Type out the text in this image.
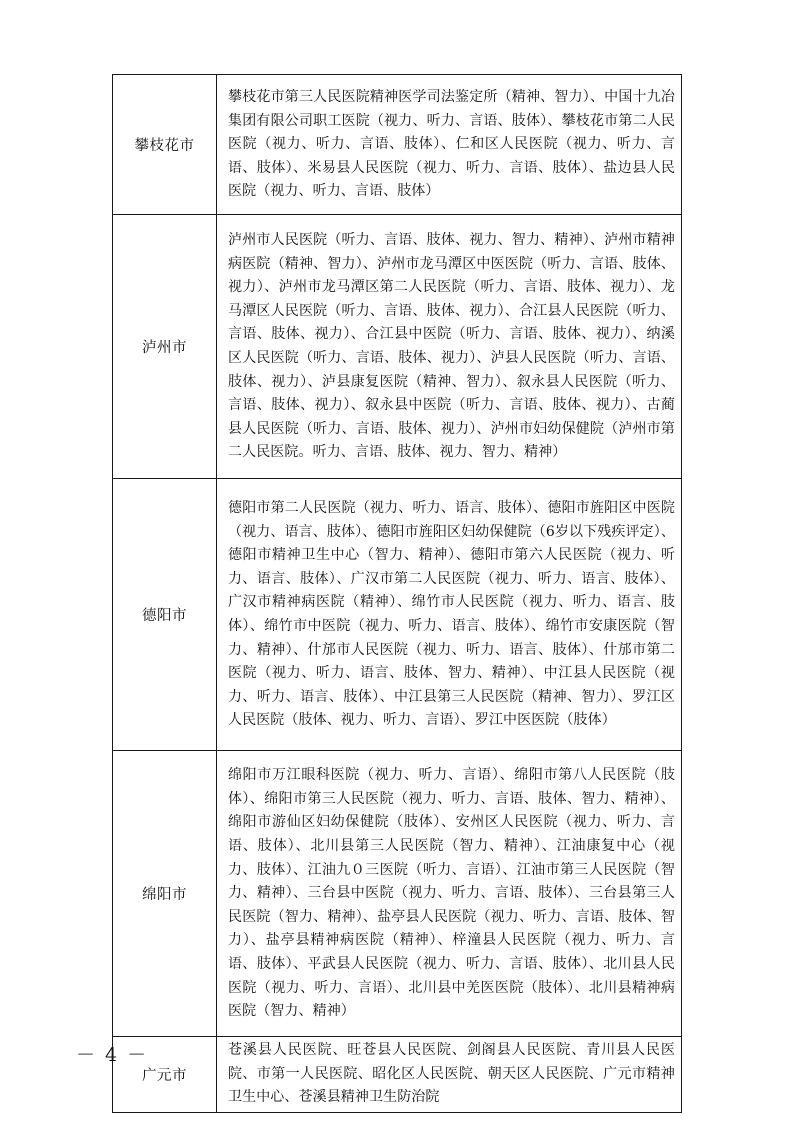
攀枝花市	攀枝花市第三人民医院精神医学司法鉴定所（精神、智力）、中国十九冶集团有限公司职工医院（视力、听力、言语、肢体）、攀枝花市第二人民医院（视力、听力、言语、肢体）、仁和区人民医院（视力、听力、言语、肢体）、米易县人民医院（视力、听力、言语、肢体）、盐边县人民医院（视力、听力、言语、肢体）
泸州市	泸州市人民医院（听力、言语、肢体、视力、智力、精神）、泸州市精神病医院（精神、智力）、泸州市龙马潭区中医医院（听力、言语、肢体、视力）、泸州市龙马潭区第二人民医院（听力、言语、肢体、视力）、龙马潭区人民医院（听力、言语、肢体、视力）、合江县人民医院（听力、言语、肢体、视力）、合江县中医院（听力、言语、肢体、视力）、纳溪区人民医院（听力、言语、肢体、视力）、泸县人民医院（听力、言语、肢体、视力）、泸县康复医院（精神、智力）、叙永县人民医院（听力、言语、肢体、视力）、叙永县中医院（听力、言语、肢体、视力）、古蔺县人民医院（听力、言语、肢体、视力）、泸州市妇幼保健院（泸州市第二人民医院。听力、言语、肢体、视力、智力、精神）
德阳市	德阳市第二人民医院（视力、听力、语言、肢体）、德阳市旌阳区中医院（视力、语言、肢体）、德阳市旌阳区妇幼保健院（6岁以下残疾评定）、德阳市精神卫生中心（智力、精神）、德阳市第六人民医院（视力、听力、语言、肢体）、广汉市第二人民医院（视力、听力、语言、肢体）、广汉市精神病医院（精神）、绵竹市人民医院（视力、听力、语言、肢体）、绵竹市中医院（视力、听力、语言、肢体）、绵竹市安康医院（智力、精神）、什邡市人民医院（视力、听力、语言、肢体）、什邡市第二医院（视力、听力、语言、肢体、智力、精神）、中江县人民医院（视力、听力、语言、肢体）、中江县第三人民医院（精神、智力）、罗江区人民医院（肢体、视力、听力、言语）、罗江中医医院（肢体）
绵阳市	绵阳市万江眼科医院（视力、听力、言语）、绵阳市第八人民医院（肢体）、绵阳市第三人民医院（视力、听力、言语、肢体、智力、精神）、绵阳市游仙区妇幼保健院（肢体）、安州区人民医院（视力、听力、言语、肢体）、北川县第三人民医院（智力、精神）、江油康复中心（视力、肢体）、江油九０三医院（听力、言语）、江油市第三人民医院（智力、精神）、三台县中医院（视力、听力、言语、肢体）、三台县第三人民医院（智力、精神）、盐亭县人民医院（视力、听力、言语、肢体、智力）、盐亭县精神病医院（精神）、梓潼县人民医院（视力、听力、言语、肢体）、平武县人民医院（视力、听力、言语、肢体）、北川县人民医院（视力、听力、言语）、北川县中羌医医院（肢体）、北川县精神病医院（智力、精神）
广元市	苍溪县人民医院、旺苍县人民医院、剑阁县人民医院、青川县人民医院、市第一人民医院、昭化区人民医院、朝天区人民医院、广元市精神卫生中心、苍溪县精神卫生防治院
－ 4 －
